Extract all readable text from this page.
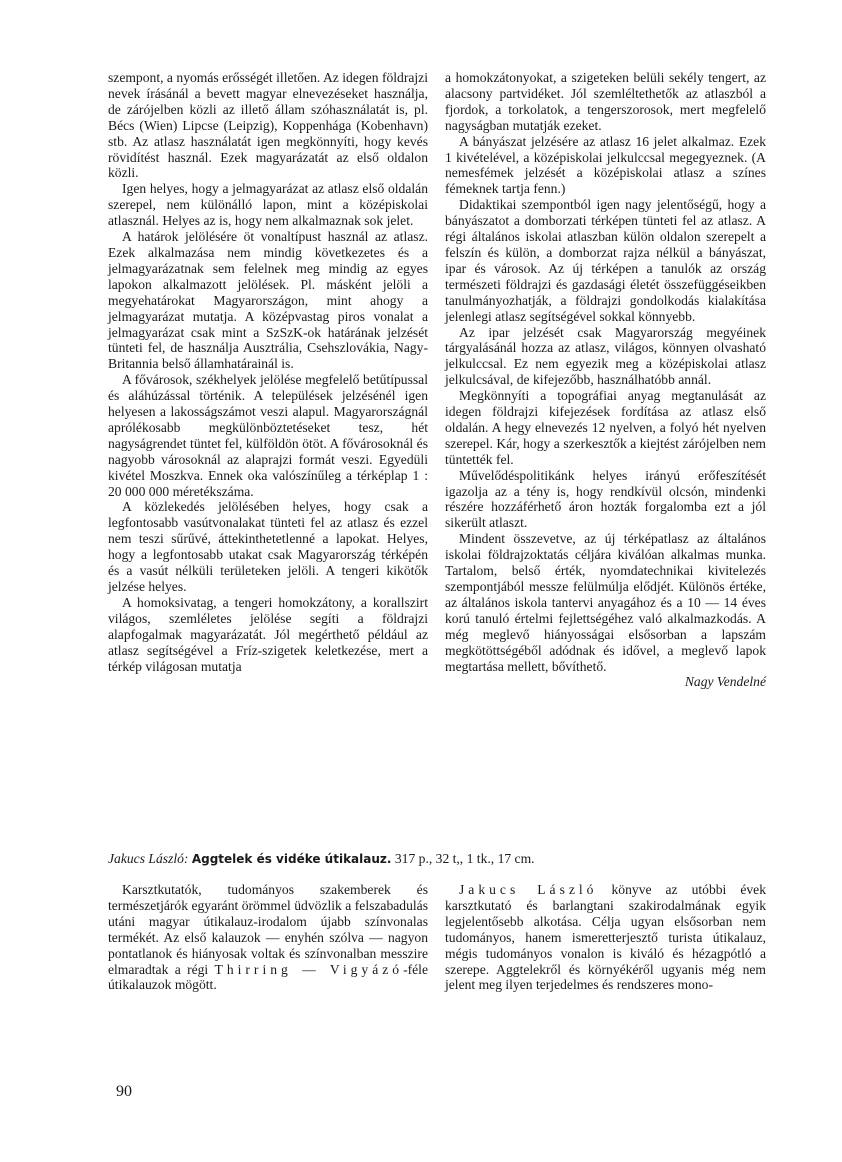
szempont, a nyomás erősségét illetően. Az idegen földrajzi nevek írásánál a bevett magyar elnevezéseket használja, de zárójelben közli az illető állam szóhasználatát is, pl. Bécs (Wien) Lipcse (Leipzig), Koppenhága (Kobenhavn) stb. Az atlasz használatát igen megkönnyíti, hogy kevés rövidítést használ. Ezek magyarázatát az első oldalon közli.

Igen helyes, hogy a jelmagyarázat az atlasz első oldalán szerepel, nem különálló lapon, mint a középiskolai atlasznál. Helyes az is, hogy nem alkalmaznak sok jelet.

A határok jelölésére öt vonaltípust használ az atlasz. Ezek alkalmazása nem mindig következetes és a jelmagyarázatnak sem felelnek meg mindig az egyes lapokon alkalmazott jelölések. Pl. másként jelöli a megyehatárokat Magyarországon, mint ahogy a jelmagyarázat mutatja. A középvastag piros vonalat a jelmagyarázat csak mint a SzSzK-ok határának jelzését tünteti fel, de használja Ausztrália, Csehszlovákia, Nagy-Britannia belső államhatárainál is.

A fővárosok, székhelyek jelölése megfelelő betűtípussal és aláhúzással történik. A települések jelzésénél igen helyesen a lakosságszámot veszi alapul. Magyarországnál aprólékosabb megkülönböztetéseket tesz, hét nagyságrendet tüntet fel, külföldön ötöt. A fővárosoknál és nagyobb városoknál az alaprajzi formát veszi. Egyedüli kivétel Moszkva. Ennek oka valószínűleg a térképlap 1 : 20 000 000 méretékszáma.

A közlekedés jelölésében helyes, hogy csak a legfontosabb vasútvonalakat tünteti fel az atlasz és ezzel nem teszi sűrűvé, áttekinthetetlenné a lapokat. Helyes, hogy a legfontosabb utakat csak Magyarország térképén és a vasút nélküli területeken jelöli. A tengeri kikötők jelzése helyes.

A homoksivatag, a tengeri homokzátony, a korallszirt világos, szemléletes jelölése segíti a földrajzi alapfogalmak magyarázatát. Jól megérthető például az atlasz segítségével a Fríz-szigetek keletkezése, mert a térkép világosan mutatja

a homokzátonyokat, a szigeteken belüli sekély tengert, az alacsony partvidéket. Jól szemléltethetők az atlaszból a fjordok, a torkolatok, a tengerszorosok, mert megfelelő nagyságban mutatják ezeket.

A bányászat jelzésére az atlasz 16 jelet alkalmaz. Ezek 1 kivételével, a középiskolai jelkulccsal megegyeznek. (A nemesfémek jelzését a középiskolai atlasz a színes fémeknek tartja fenn.)

Didaktikai szempontból igen nagy jelentőségű, hogy a bányászatot a domborzati térképen tünteti fel az atlasz. A régi általános iskolai atlaszban külön oldalon szerepelt a felszín és külön, a domborzat rajza nélkül a bányászat, ipar és városok. Az új térképen a tanulók az ország természeti földrajzi és gazdasági életét összefüggéseikben tanulmányozhatják, a földrajzi gondolkodás kialakítása jelenlegi atlasz segítségével sokkal könnyebb.

Az ipar jelzését csak Magyarország megyéinek tárgyalásánál hozza az atlasz, világos, könnyen olvasható jelkulccsal. Ez nem egyezik meg a középiskolai atlasz jelkulcsával, de kifejezőbb, használhatóbb annál.

Megkönnyíti a topográfiai anyag megtanulását az idegen földrajzi kifejezések fordítása az atlasz első oldalán. A hegy elnevezés 12 nyelven, a folyó hét nyelven szerepel. Kár, hogy a szerkesztők a kiejtést zárójelben nem tüntették fel.

Művelődéspolitikánk helyes irányú erőfeszítését igazolja az a tény is, hogy rendkívül olcsón, mindenki részére hozzáférhető áron hozták forgalomba ezt a jól sikerült atlaszt.

Mindent összevetve, az új térképatlasz az általános iskolai földrajzoktatás céljára kiválóan alkalmas munka. Tartalom, belső érték, nyomdatechnikai kivitelezés szempontjából messze felülmúlja elődjét. Különös értéke, az általános iskola tantervi anyagához és a 10 — 14 éves korú tanuló értelmi fejlettségéhez való alkalmazkodás. A még meglevő hiányosságai elsősorban a lapszám megkötöttségéből adódnak és idővel, a meglevő lapok megtartása mellett, bővíthető.

Nagy Vendelné
Jakucs László: Aggtelek és vidéke útikalauz. 317 p., 32 t,, 1 tk., 17 cm.

Karsztkutatók, tudományos szakemberek és természetjárók egyaránt örömmel üdvözlik a felszabadulás utáni magyar útikalauz-irodalom újabb színvonalas termékét. Az első kalauzok — enyhén szólva — nagyon pontatlanok és hiányosak voltak és színvonalban messzire elmaradtak a régi Thirring — Vigyázó-féle útikalauzok mögött.

Jakucs László könyve az utóbbi évek karsztkutató és barlangtani szakirodalmának egyik legjelentősebb alkotása. Célja ugyan elsősorban nem tudományos, hanem ismeretterjesztő turista útikalauz, mégis tudományos vonalon is kiváló és hézagpótló a szerepe. Aggtelekről és környékéről ugyanis még nem jelent meg ilyen terjedelmes és rendszeres mono-

90
